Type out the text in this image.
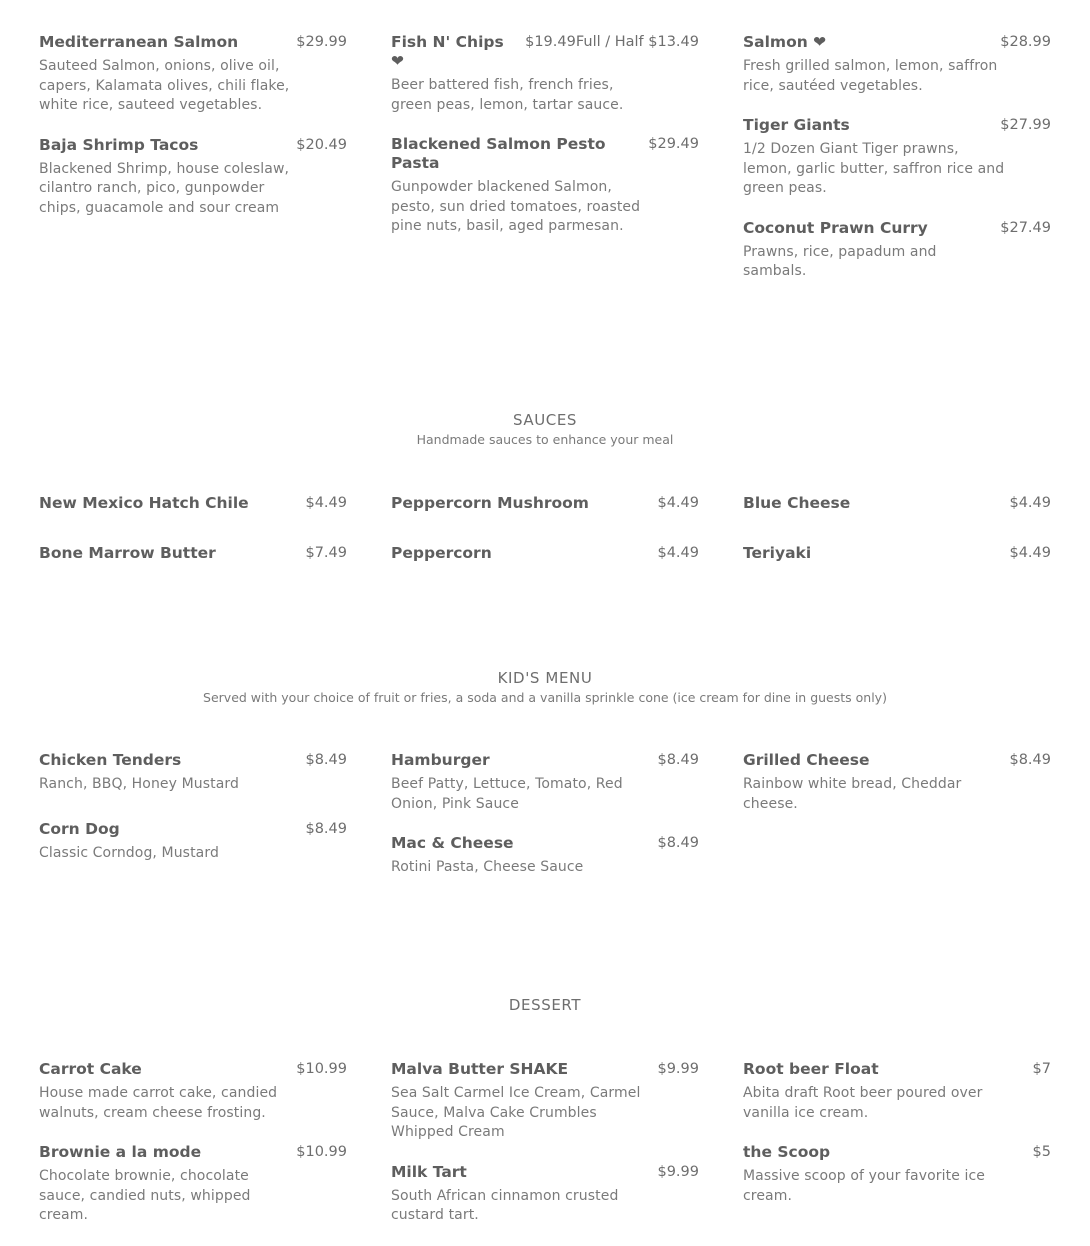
Mediterranean Salmon	$29.99
Sauteed Salmon, onions, olive oil, capers, Kalamata olives, chili flake, white rice, sauteed vegetables.
Baja Shrimp Tacos	$20.49
Blackened Shrimp, house coleslaw, cilantro ranch, pico, gunpowder chips, guacamole and sour cream
Fish N' Chips ❤
$19.49Full / Half $13.49
Beer battered fish, french fries, green peas, lemon, tartar sauce.
Blackened Salmon Pesto Pasta
$29.49
Gunpowder blackened Salmon, pesto, sun dried tomatoes, roasted pine nuts, basil, aged parmesan.
Salmon ❤	$28.99
Fresh grilled salmon, lemon, saffron rice, sautéed vegetables.
Tiger Giants	$27.99
1/2 Dozen Giant Tiger prawns, lemon, garlic butter, saffron rice and green peas.
Coconut Prawn Curry	$27.49
Prawns, rice, papadum and sambals.
SAUCES
Handmade sauces to enhance your meal
New Mexico Hatch Chile	$4.49	Peppercorn Mushroom	$4.49	Blue Cheese	$4.49
Bone Marrow Butter	$7.49	Peppercorn	$4.49	Teriyaki	$4.49
KID'S MENU
Served with your choice of fruit or fries, a soda and a vanilla sprinkle cone (ice cream for dine in guests only)
Chicken Tenders	$8.49
Ranch, BBQ, Honey Mustard
Corn Dog	$8.49
Classic Corndog, Mustard
Hamburger	$8.49
Beef Patty, Lettuce, Tomato, Red Onion, Pink Sauce
Mac & Cheese	$8.49
Rotini Pasta, Cheese Sauce
Grilled Cheese	$8.49
Rainbow white bread, Cheddar cheese.
DESSERT
Carrot Cake	$10.99
House made carrot cake, candied walnuts, cream cheese frosting.
Brownie a la mode	$10.99
Chocolate brownie, chocolate sauce, candied nuts, whipped cream.
Malva Butter SHAKE	$9.99
Sea Salt Carmel Ice Cream, Carmel Sauce, Malva Cake Crumbles Whipped Cream
Milk Tart	$9.99
South African cinnamon crusted custard tart.
Root beer Float	$7
Abita draft Root beer poured over vanilla ice cream.
the Scoop	$5
Massive scoop of your favorite ice cream.
